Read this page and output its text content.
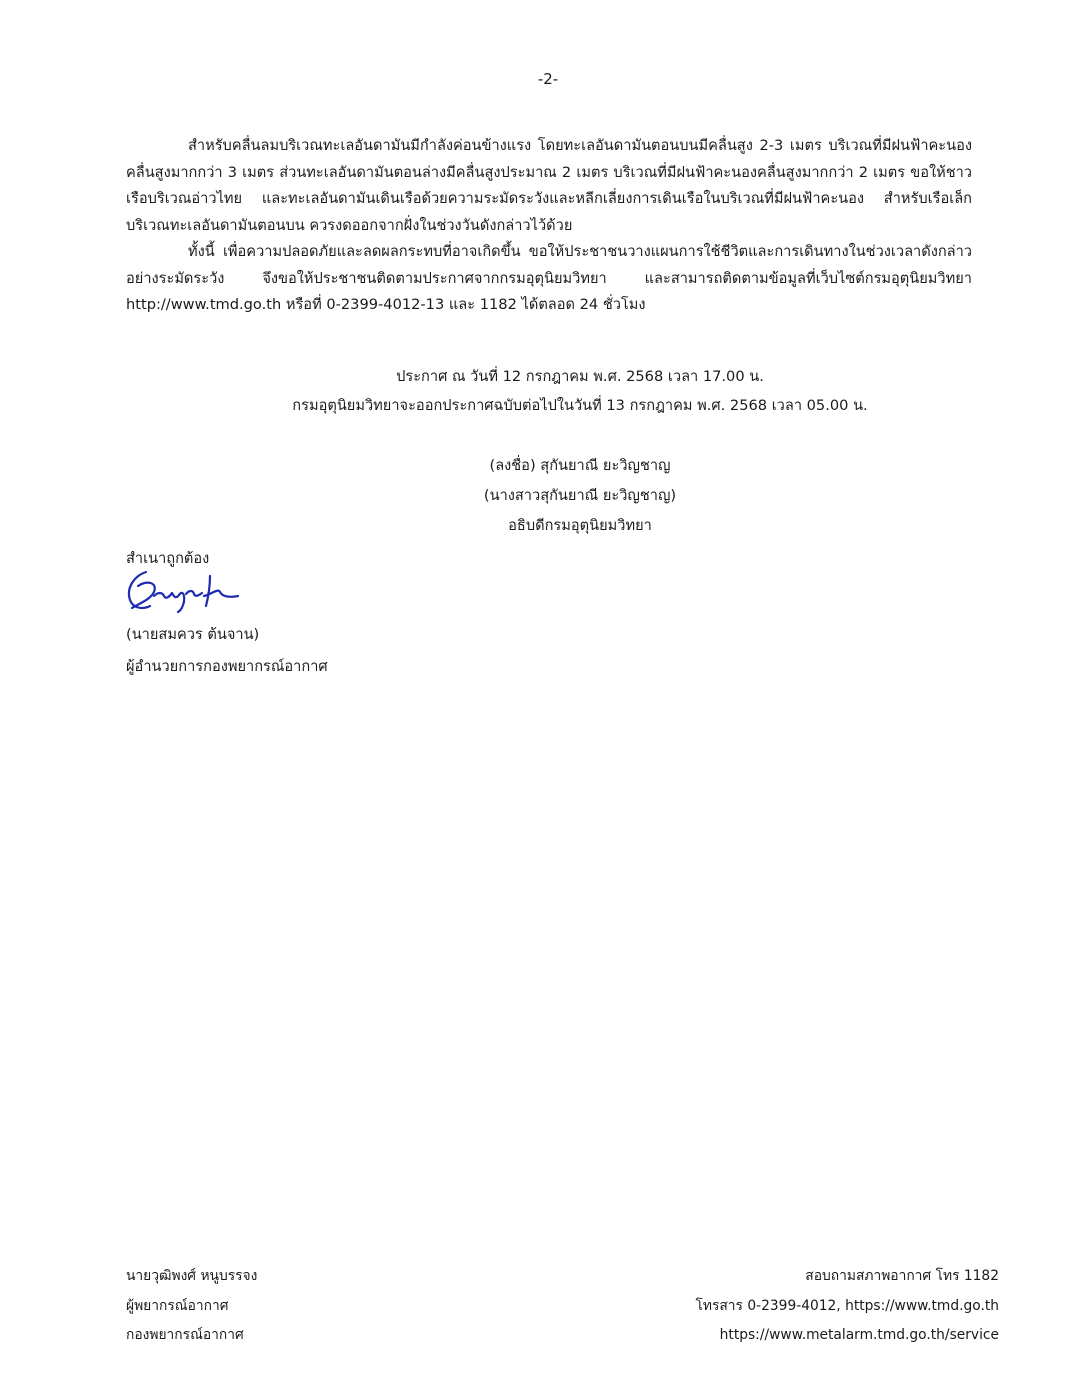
-2-

สำหรับคลื่นลมบริเวณทะเลอันดามันมีกำลังค่อนข้างแรง โดยทะเลอันดามันตอนบนมีคลื่นสูง 2-3 เมตร บริเวณที่มีฝนฟ้าคะนองคลื่นสูงมากกว่า 3 เมตร ส่วนทะเลอันดามันตอนล่างมีคลื่นสูงประมาณ 2 เมตร บริเวณที่มีฝนฟ้าคะนองคลื่นสูงมากกว่า 2 เมตร ขอให้ชาวเรือบริเวณอ่าวไทย และทะเลอันดามันเดินเรือด้วยความระมัดระวังและหลีกเลี่ยงการเดินเรือในบริเวณที่มีฝนฟ้าคะนอง สำหรับเรือเล็กบริเวณทะเลอันดามันตอนบน ควรงดออกจากฝั่งในช่วงวันดังกล่าวไว้ด้วย

ทั้งนี้ เพื่อความปลอดภัยและลดผลกระทบที่อาจเกิดขึ้น ขอให้ประชาชนวางแผนการใช้ชีวิตและการเดินทางในช่วงเวลาดังกล่าวอย่างระมัดระวัง จึงขอให้ประชาชนติดตามประกาศจากกรมอุตุนิยมวิทยา และสามารถติดตามข้อมูลที่เว็บไซต์กรมอุตุนิยมวิทยา http://www.tmd.go.th หรือที่ 0-2399-4012-13 และ 1182 ได้ตลอด 24 ชั่วโมง

ประกาศ ณ วันที่ 12 กรกฎาคม พ.ศ. 2568 เวลา 17.00 น.
กรมอุตุนิยมวิทยาจะออกประกาศฉบับต่อไปในวันที่ 13 กรกฎาคม พ.ศ. 2568 เวลา 05.00 น.
(ลงชื่อ) สุกันยาณี ยะวิญชาญ
(นางสาวสุกันยาณี ยะวิญชาญ)
อธิบดีกรมอุตุนิยมวิทยา
สำเนาถูกต้อง
(นายสมควร ต้นจาน)
ผู้อำนวยการกองพยากรณ์อากาศ
นายวุฒิพงศ์ หนูบรรจง
ผู้พยากรณ์อากาศ
กองพยากรณ์อากาศ
สอบถามสภาพอากาศ โทร 1182
โทรสาร 0-2399-4012, https://www.tmd.go.th
https://www.metalarm.tmd.go.th/service
